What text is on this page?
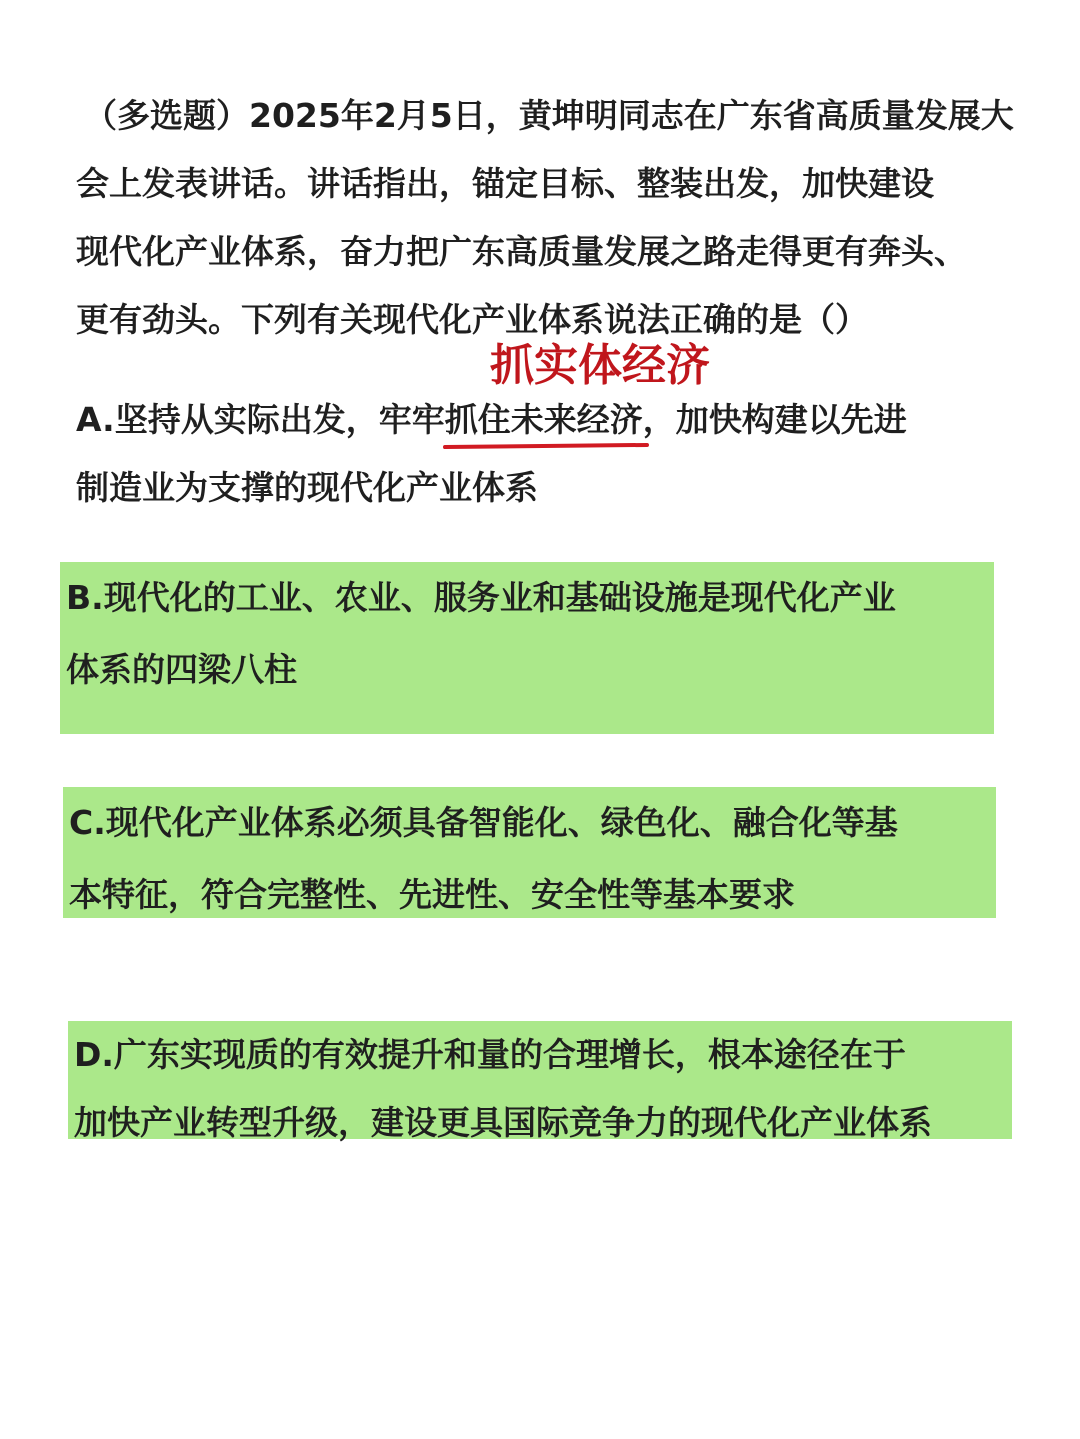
（多选题）2025年2月5日，黄坤明同志在广东省高质量发展大
会上发表讲话。讲话指出，锚定目标、整装出发，加快建设
现代化产业体系，奋力把广东高质量发展之路走得更有奔头、
更有劲头。下列有关现代化产业体系说法正确的是（）
抓实体经济
A.坚持从实际出发，牢牢抓住未来经济
，加快构建以先进
制造业为支撑的现代化产业体系
B.现代化的工业、农业、服务业和基础设施是现代化产业
体系的四梁八柱
C.现代化产业体系必须具备智能化、绿色化、融合化等基
本特征，符合完整性、先进性、安全性等基本要求
D.广东实现质的有效提升和量的合理增长，根本途径在于
加快产业转型升级，建设更具国际竞争力的现代化产业体系
